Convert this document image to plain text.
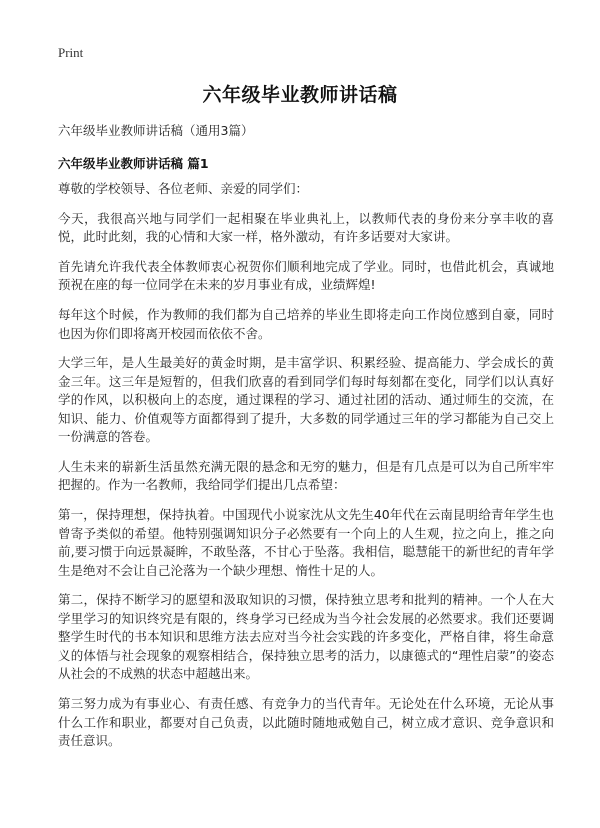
Print
六年级毕业教师讲话稿
六年级毕业教师讲话稿（通用3篇）
六年级毕业教师讲话稿 篇1

尊敬的学校领导、各位老师、亲爱的同学们：

今天，我很高兴地与同学们一起相聚在毕业典礼上，以教师代表的身份来分享丰收的喜悦，此时此刻，我的心情和大家一样，格外激动，有许多话要对大家讲。

首先请允许我代表全体教师衷心祝贺你们顺利地完成了学业。同时，也借此机会，真诚地预祝在座的每一位同学在未来的岁月事业有成，业绩辉煌!

每年这个时候，作为教师的我们都为自己培养的毕业生即将走向工作岗位感到自豪，同时也因为你们即将离开校园而依依不舍。

大学三年，是人生最美好的黄金时期，是丰富学识、积累经验、提高能力、学会成长的黄金三年。这三年是短暂的，但我们欣喜的看到同学们每时每刻都在变化，同学们以认真好学的作风，以积极向上的态度，通过课程的学习、通过社团的活动、通过师生的交流，在知识、能力、价值观等方面都得到了提升，大多数的同学通过三年的学习都能为自己交上一份满意的答卷。

人生未来的崭新生活虽然充满无限的悬念和无穷的魅力，但是有几点是可以为自己所牢牢把握的。作为一名教师，我给同学们提出几点希望：

第一，保持理想，保持执着。中国现代小说家沈从文先生40年代在云南昆明给青年学生也曾寄予类似的希望。他特别强调知识分子必然要有一个向上的人生观，拉之向上，推之向前,要习惯于向远景凝眸，不敢坠落，不甘心于坠落。我相信，聪慧能干的新世纪的青年学生是绝对不会让自己沦落为一个缺少理想、惰性十足的人。

第二，保持不断学习的愿望和汲取知识的习惯，保持独立思考和批判的精神。一个人在大学里学习的知识终究是有限的，终身学习已经成为当今社会发展的必然要求。我们还要调整学生时代的书本知识和思维方法去应对当今社会实践的许多变化，严格自律，将生命意义的体悟与社会现象的观察相结合，保持独立思考的活力，以康德式的“理性启蒙”的姿态从社会的不成熟的状态中超越出来。

第三努力成为有事业心、有责任感、有竞争力的当代青年。无论处在什么环境，无论从事什么工作和职业，都要对自己负责，以此随时随地戒勉自己，树立成才意识、竞争意识和责任意识。
